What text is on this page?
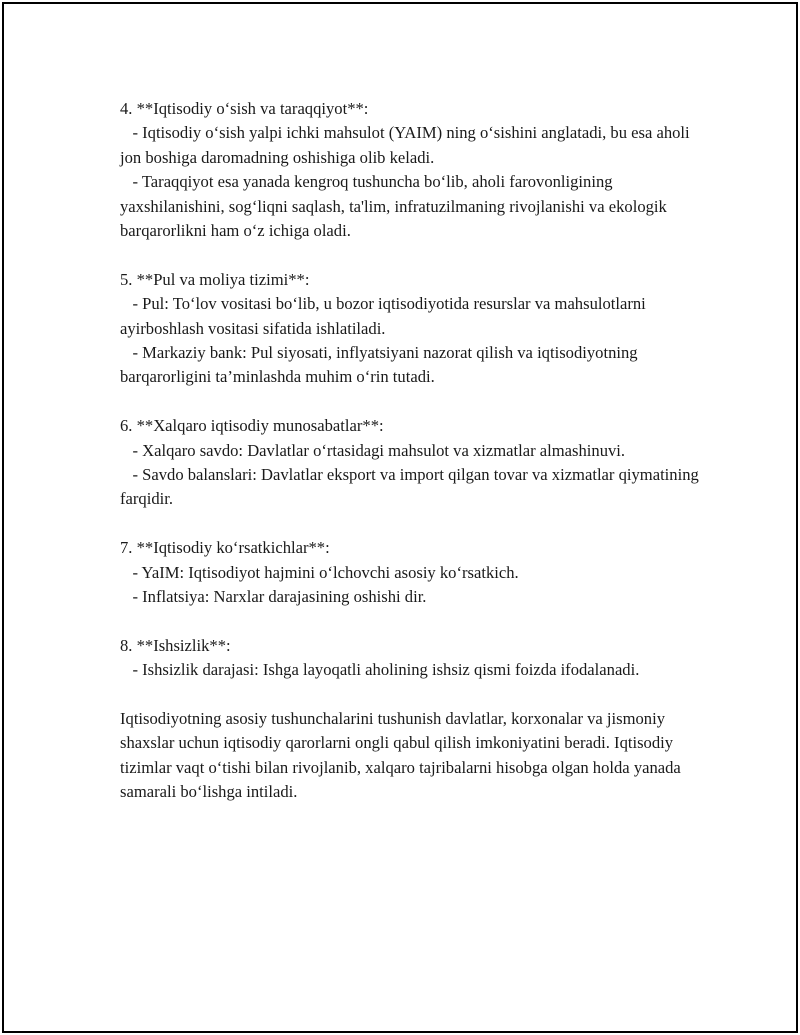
4. **Iqtisodiy o‘sish va taraqqiyot**:

- Iqtisodiy o‘sish yalpi ichki mahsulot (YAIM) ning o‘sishini anglatadi, bu esa aholi jon boshiga daromadning oshishiga olib keladi.

- Taraqqiyot esa yanada kengroq tushuncha bo‘lib, aholi farovonligining yaxshilanishini, sog‘liqni saqlash, ta'lim, infratuzilmaning rivojlanishi va ekologik barqarorlikni ham o‘z ichiga oladi.

5. **Pul va moliya tizimi**:

- Pul: To‘lov vositasi bo‘lib, u bozor iqtisodiyotida resurslar va mahsulotlarni ayirboshlash vositasi sifatida ishlatiladi.

- Markaziy bank: Pul siyosati, inflyatsiyani nazorat qilish va iqtisodiyotning barqarorligini ta’minlashda muhim o‘rin tutadi.

6. **Xalqaro iqtisodiy munosabatlar**:

- Xalqaro savdo: Davlatlar o‘rtasidagi mahsulot va xizmatlar almashinuvi.

- Savdo balanslari: Davlatlar eksport va import qilgan tovar va xizmatlar qiymatining farqidir.

7. **Iqtisodiy ko‘rsatkichlar**:

- YaIM: Iqtisodiyot hajmini o‘lchovchi asosiy ko‘rsatkich.

- Inflatsiya: Narxlar darajasining oshishi dir.

8. **Ishsizlik**:

- Ishsizlik darajasi: Ishga layoqatli aholining ishsiz qismi foizda ifodalanadi.

Iqtisodiyotning asosiy tushunchalarini tushunish davlatlar, korxonalar va jismoniy shaxslar uchun iqtisodiy qarorlarni ongli qabul qilish imkoniyatini beradi. Iqtisodiy tizimlar vaqt o‘tishi bilan rivojlanib, xalqaro tajribalarni hisobga olgan holda yanada samarali bo‘lishga intiladi.
